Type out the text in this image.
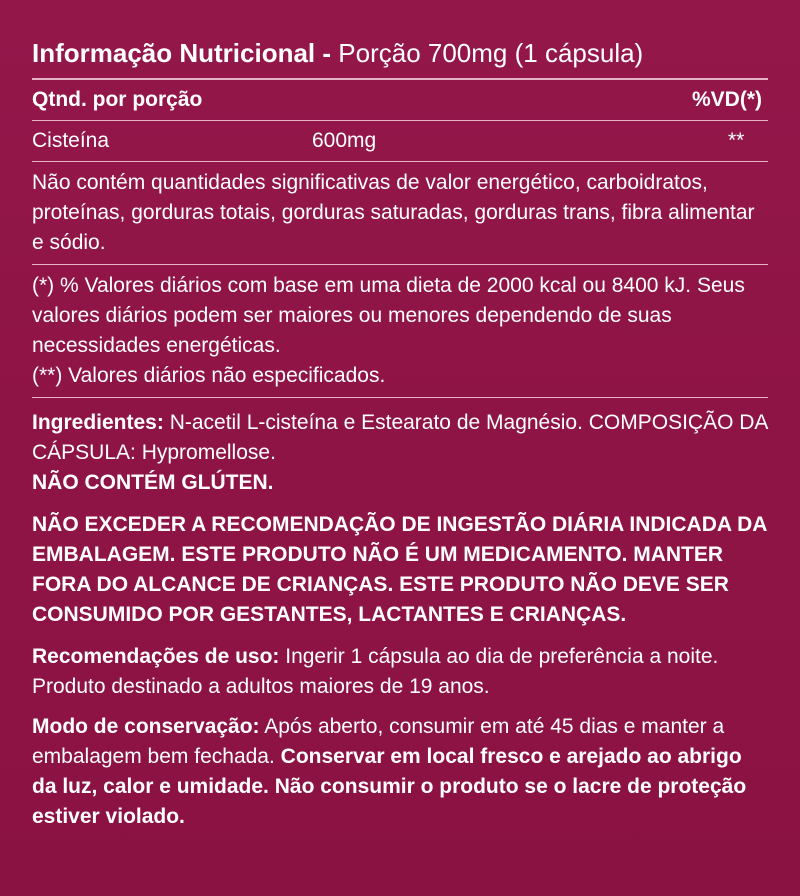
Informação Nutricional - Porção 700mg (1 cápsula)
Qtnd. por porção	%VD(*)
Cisteína	600mg	**
Não contém quantidades significativas de valor energético, carboidratos, proteínas, gorduras totais, gorduras saturadas, gorduras trans, fibra alimentar e sódio.
(*) % Valores diários com base em uma dieta de 2000 kcal ou 8400 kJ. Seus valores diários podem ser maiores ou menores dependendo de suas necessidades energéticas.
(**) Valores diários não especificados.

Ingredientes: N-acetil L-cisteína e Estearato de Magnésio. COMPOSIÇÃO DA CÁPSULA: Hypromellose.

NÃO CONTÉM GLÚTEN.

NÃO EXCEDER A RECOMENDAÇÃO DE INGESTÃO DIÁRIA INDICADA DA EMBALAGEM. ESTE PRODUTO NÃO É UM MEDICAMENTO. MANTER FORA DO ALCANCE DE CRIANÇAS. ESTE PRODUTO NÃO DEVE SER CONSUMIDO POR GESTANTES, LACTANTES E CRIANÇAS.

Recomendações de uso: Ingerir 1 cápsula ao dia de preferência a noite. Produto destinado a adultos maiores de 19 anos.

Modo de conservação: Após aberto, consumir em até 45 dias e manter a embalagem bem fechada. Conservar em local fresco e arejado ao abrigo da luz, calor e umidade. Não consumir o produto se o lacre de proteção estiver violado.
